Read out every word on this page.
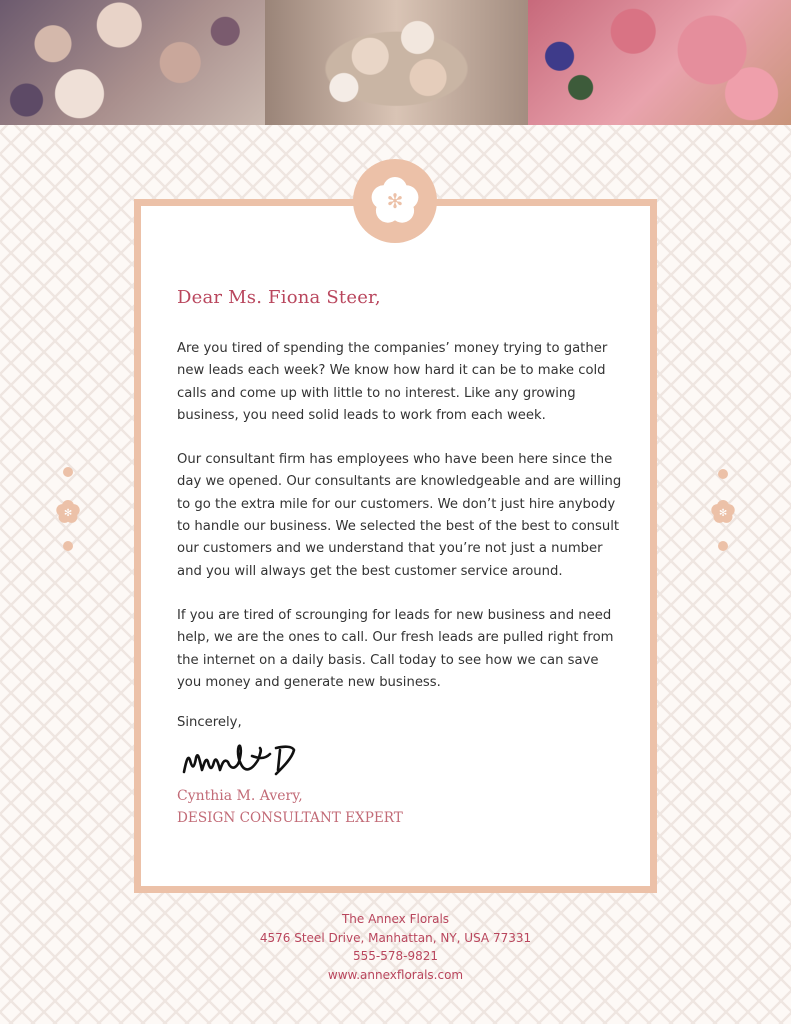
✻	✻
✻
Dear Ms. Fiona Steer,

Are you tired of spending the companies’ money trying to gather new leads each week? We know how hard it can be to make cold calls and come up with little to no interest. Like any growing business, you need solid leads to work from each week.

Our consultant firm has employees who have been here since the day we opened. Our consultants are knowledgeable and are willing to go the extra mile for our customers. We don’t just hire anybody to handle our business. We selected the best of the best to consult our customers and we understand that you’re not just a number and you will always get the best customer service around.

If you are tired of scrounging for leads for new business and need help, we are the ones to call. Our fresh leads are pulled right from the internet on a daily basis. Call today to see how we can save you money and generate new business.

Sincerely,
Cynthia M. Avery,
DESIGN CONSULTANT EXPERT
The Annex Florals
4576 Steel Drive, Manhattan, NY, USA 77331
555-578-9821
www.annexflorals.com
